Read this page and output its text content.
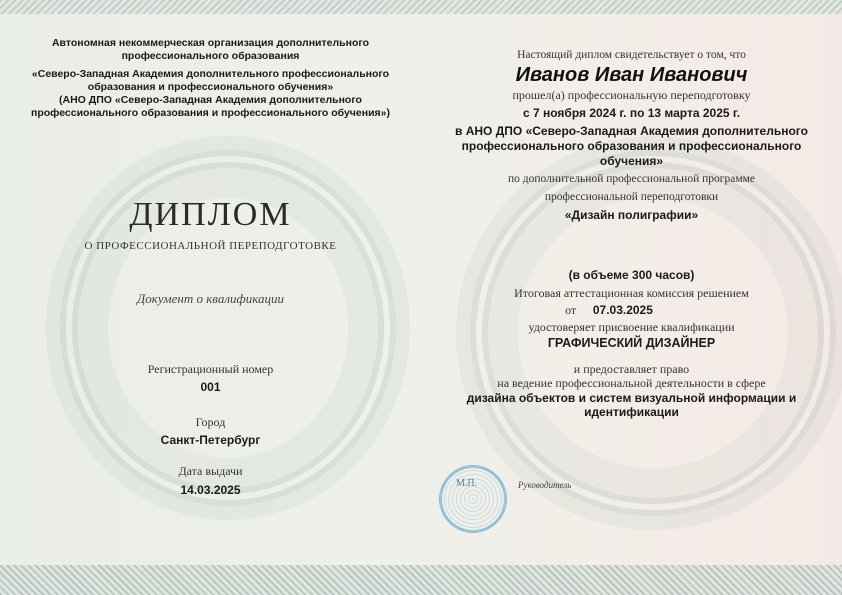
Автономная некоммерческая организация дополнительного
профессионального образования
«Северо-Западная Академия дополнительного профессионального
образования и профессионального обучения»
(АНО ДПО «Северо-Западная Академия дополнительного
профессионального образования и профессионального обучения»)
ДИПЛОМ
О ПРОФЕССИОНАЛЬНОЙ ПЕРЕПОДГОТОВКЕ
Документ о квалификации
Регистрационный номер
001
Город
Санкт-Петербург
Дата выдачи
14.03.2025
Настоящий диплом свидетельствует о том, что
Иванов Иван Иванович
прошел(а) профессиональную переподготовку
с 7 ноября 2024 г. по 13 марта 2025 г.
в АНО ДПО «Северо-Западная Академия дополнительного
профессионального образования и профессионального
обучения»
по дополнительной профессиональной программе
профессиональной переподготовки
«Дизайн полиграфии»
(в объеме 300 часов)
Итоговая аттестационная комиссия решением
от 07.03.2025
удостоверяет присвоение квалификации
ГРАФИЧЕСКИЙ ДИЗАЙНЕР
и предоставляет право
на ведение профессиональной деятельности в сфере
дизайна объектов и систем визуальной информации и
идентификации
Руководитель
М.П.
